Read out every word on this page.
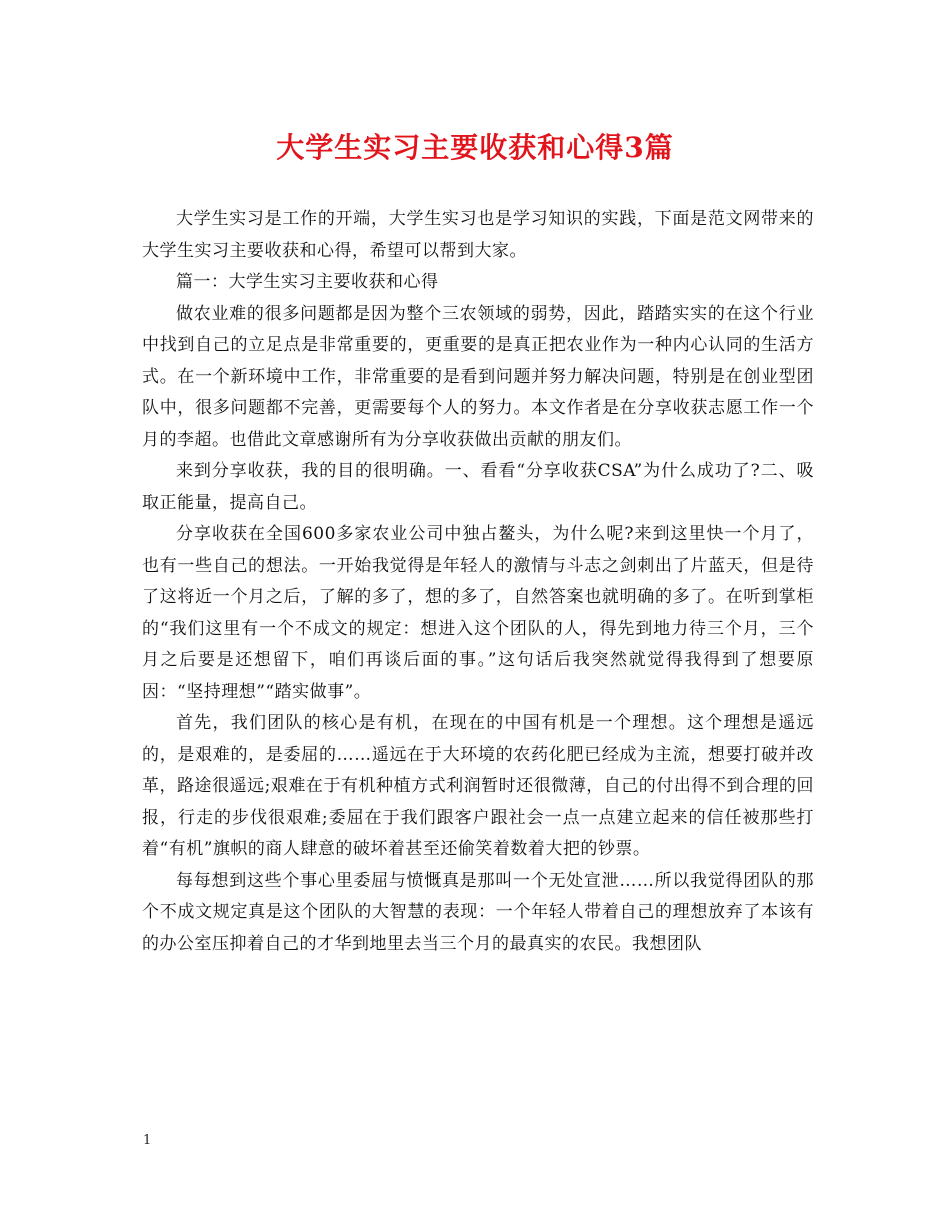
大学生实习主要收获和心得3篇

大学生实习是工作的开端，大学生实习也是学习知识的实践，下面是范文网带来的大学生实习主要收获和心得，希望可以帮到大家。

篇一：大学生实习主要收获和心得

做农业难的很多问题都是因为整个三农领域的弱势，因此，踏踏实实的在这个行业中找到自己的立足点是非常重要的，更重要的是真正把农业作为一种内心认同的生活方式。在一个新环境中工作，非常重要的是看到问题并努力解决问题，特别是在创业型团队中，很多问题都不完善，更需要每个人的努力。本文作者是在分享收获志愿工作一个月的李超。也借此文章感谢所有为分享收获做出贡献的朋友们。

来到分享收获，我的目的很明确。一、看看“分享收获CSA”为什么成功了?二、吸取正能量，提高自己。

分享收获在全国600多家农业公司中独占鳌头，为什么呢?来到这里快一个月了，也有一些自己的想法。一开始我觉得是年轻人的激情与斗志之剑刺出了片蓝天，但是待了这将近一个月之后，了解的多了，想的多了，自然答案也就明确的多了。在听到掌柜的“我们这里有一个不成文的规定：想进入这个团队的人，得先到地力待三个月，三个月之后要是还想留下，咱们再谈后面的事。”这句话后我突然就觉得我得到了想要原因：“坚持理想”“踏实做事”。

首先，我们团队的核心是有机，在现在的中国有机是一个理想。这个理想是遥远的，是艰难的，是委屈的……遥远在于大环境的农药化肥已经成为主流，想要打破并改革，路途很遥远;艰难在于有机种植方式利润暂时还很微薄，自己的付出得不到合理的回报，行走的步伐很艰难;委屈在于我们跟客户跟社会一点一点建立起来的信任被那些打着“有机”旗帜的商人肆意的破坏着甚至还偷笑着数着大把的钞票。

每每想到这些个事心里委屈与愤慨真是那叫一个无处宣泄……所以我觉得团队的那个不成文规定真是这个团队的大智慧的表现：一个年轻人带着自己的理想放弃了本该有的办公室压抑着自己的才华到地里去当三个月的最真实的农民。我想团队

1
